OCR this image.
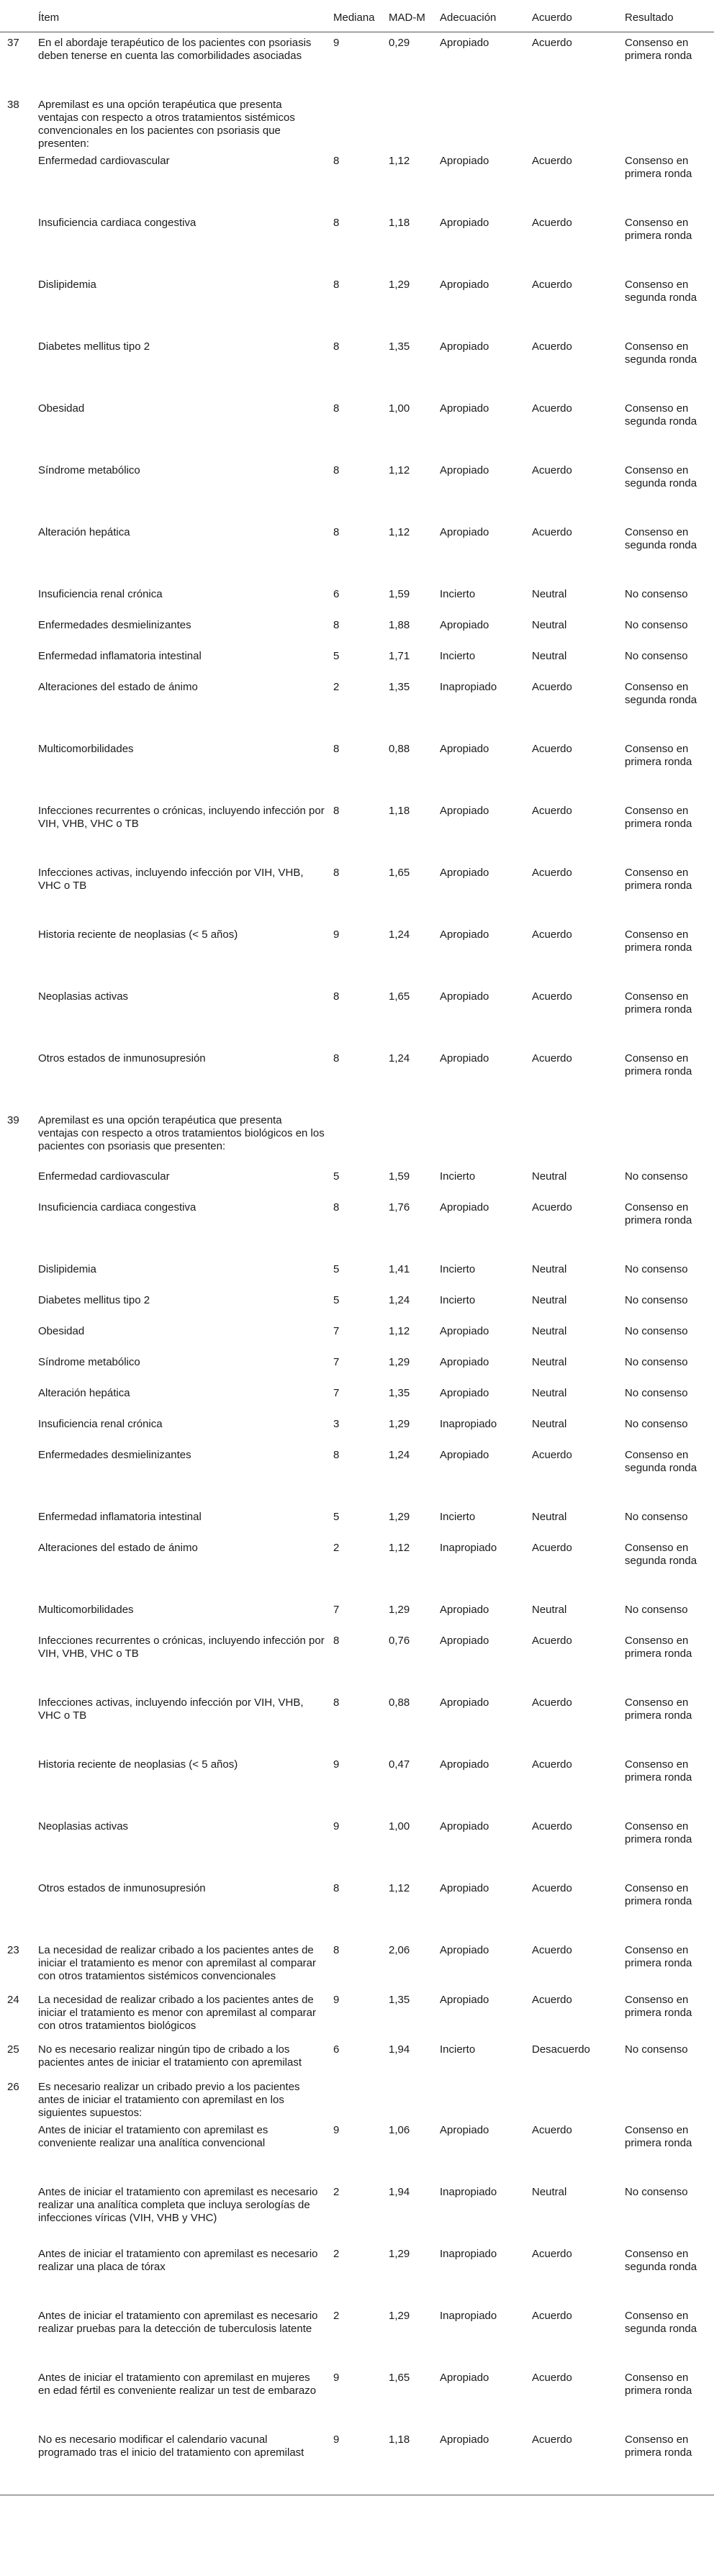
	Ítem	Mediana	MAD-M	Adecuación	Acuerdo	Resultado
37	En el abordaje terapéutico de los pacientes con psoriasis deben tenerse en cuenta las comorbilidades asociadas	9	0,29	Apropiado	Acuerdo	Consenso en primera ronda
38	Apremilast es una opción terapéutica que presenta ventajas con respecto a otros tratamientos sistémicos convencionales en los pacientes con psoriasis que presenten:					
	Enfermedad cardiovascular	8	1,12	Apropiado	Acuerdo	Consenso en primera ronda
	Insuficiencia cardiaca congestiva	8	1,18	Apropiado	Acuerdo	Consenso en primera ronda
	Dislipidemia	8	1,29	Apropiado	Acuerdo	Consenso en segunda ronda
	Diabetes mellitus tipo 2	8	1,35	Apropiado	Acuerdo	Consenso en segunda ronda
	Obesidad	8	1,00	Apropiado	Acuerdo	Consenso en segunda ronda
	Síndrome metabólico	8	1,12	Apropiado	Acuerdo	Consenso en segunda ronda
	Alteración hepática	8	1,12	Apropiado	Acuerdo	Consenso en segunda ronda
	Insuficiencia renal crónica	6	1,59	Incierto	Neutral	No consenso
	Enfermedades desmielinizantes	8	1,88	Apropiado	Neutral	No consenso
	Enfermedad inflamatoria intestinal	5	1,71	Incierto	Neutral	No consenso
	Alteraciones del estado de ánimo	2	1,35	Inapropiado	Acuerdo	Consenso en segunda ronda
	Multicomorbilidades	8	0,88	Apropiado	Acuerdo	Consenso en primera ronda
	Infecciones recurrentes o crónicas, incluyendo infección por VIH, VHB, VHC o TB	8	1,18	Apropiado	Acuerdo	Consenso en primera ronda
	Infecciones activas, incluyendo infección por VIH, VHB, VHC o TB	8	1,65	Apropiado	Acuerdo	Consenso en primera ronda
	Historia reciente de neoplasias (< 5 años)	9	1,24	Apropiado	Acuerdo	Consenso en primera ronda
	Neoplasias activas	8	1,65	Apropiado	Acuerdo	Consenso en primera ronda
	Otros estados de inmunosupresión	8	1,24	Apropiado	Acuerdo	Consenso en primera ronda
39	Apremilast es una opción terapéutica que presenta ventajas con respecto a otros tratamientos biológicos en los pacientes con psoriasis que presenten:					
	Enfermedad cardiovascular	5	1,59	Incierto	Neutral	No consenso
	Insuficiencia cardiaca congestiva	8	1,76	Apropiado	Acuerdo	Consenso en primera ronda
	Dislipidemia	5	1,41	Incierto	Neutral	No consenso
	Diabetes mellitus tipo 2	5	1,24	Incierto	Neutral	No consenso
	Obesidad	7	1,12	Apropiado	Neutral	No consenso
	Síndrome metabólico	7	1,29	Apropiado	Neutral	No consenso
	Alteración hepática	7	1,35	Apropiado	Neutral	No consenso
	Insuficiencia renal crónica	3	1,29	Inapropiado	Neutral	No consenso
	Enfermedades desmielinizantes	8	1,24	Apropiado	Acuerdo	Consenso en segunda ronda
	Enfermedad inflamatoria intestinal	5	1,29	Incierto	Neutral	No consenso
	Alteraciones del estado de ánimo	2	1,12	Inapropiado	Acuerdo	Consenso en segunda ronda
	Multicomorbilidades	7	1,29	Apropiado	Neutral	No consenso
	Infecciones recurrentes o crónicas, incluyendo infección por VIH, VHB, VHC o TB	8	0,76	Apropiado	Acuerdo	Consenso en primera ronda
	Infecciones activas, incluyendo infección por VIH, VHB, VHC o TB	8	0,88	Apropiado	Acuerdo	Consenso en primera ronda
	Historia reciente de neoplasias (< 5 años)	9	0,47	Apropiado	Acuerdo	Consenso en primera ronda
	Neoplasias activas	9	1,00	Apropiado	Acuerdo	Consenso en primera ronda
	Otros estados de inmunosupresión	8	1,12	Apropiado	Acuerdo	Consenso en primera ronda
23	La necesidad de realizar cribado a los pacientes antes de iniciar el tratamiento es menor con apremilast al comparar con otros tratamientos sistémicos convencionales	8	2,06	Apropiado	Acuerdo	Consenso en primera ronda
24	La necesidad de realizar cribado a los pacientes antes de iniciar el tratamiento es menor con apremilast al comparar con otros tratamientos biológicos	9	1,35	Apropiado	Acuerdo	Consenso en primera ronda
25	No es necesario realizar ningún tipo de cribado a los pacientes antes de iniciar el tratamiento con apremilast	6	1,94	Incierto	Desacuerdo	No consenso
26	Es necesario realizar un cribado previo a los pacientes antes de iniciar el tratamiento con apremilast en los siguientes supuestos:					
	Antes de iniciar el tratamiento con apremilast es conveniente realizar una analítica convencional	9	1,06	Apropiado	Acuerdo	Consenso en primera ronda
	Antes de iniciar el tratamiento con apremilast es necesario realizar una analítica completa que incluya serologías de infecciones víricas (VIH, VHB y VHC)	2	1,94	Inapropiado	Neutral	No consenso
	Antes de iniciar el tratamiento con apremilast es necesario realizar una placa de tórax	2	1,29	Inapropiado	Acuerdo	Consenso en segunda ronda
	Antes de iniciar el tratamiento con apremilast es necesario realizar pruebas para la detección de tuberculosis latente	2	1,29	Inapropiado	Acuerdo	Consenso en segunda ronda
	Antes de iniciar el tratamiento con apremilast en mujeres en edad fértil es conveniente realizar un test de embarazo	9	1,65	Apropiado	Acuerdo	Consenso en primera ronda
	No es necesario modificar el calendario vacunal programado tras el inicio del tratamiento con apremilast	9	1,18	Apropiado	Acuerdo	Consenso en primera ronda
